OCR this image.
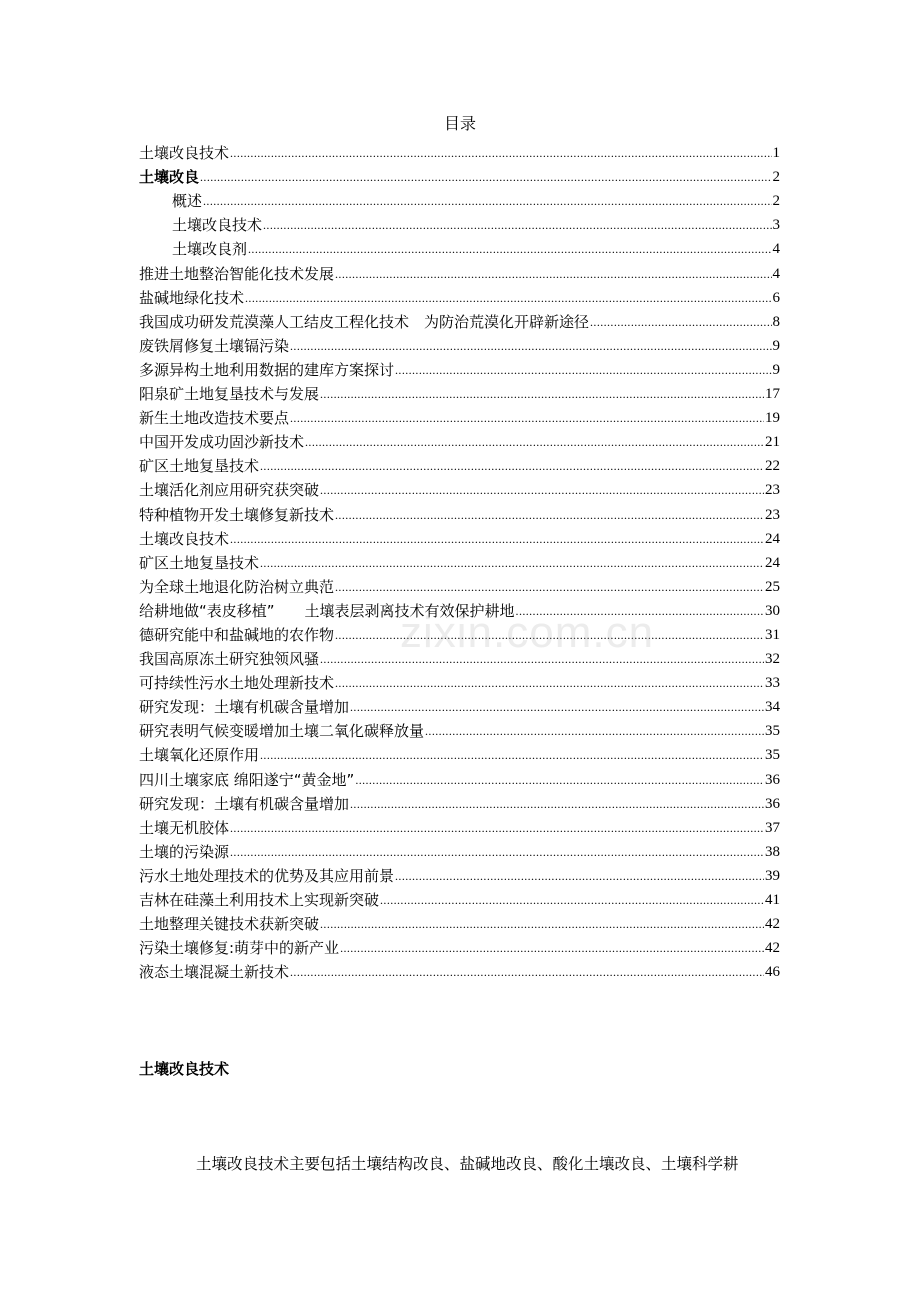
目录
土壤改良技术 .....	1
土壤改良 .....	2
概述 .....	2
土壤改良技术 .....	3
土壤改良剂 .....	4
推进土地整治智能化技术发展 .....	4
盐碱地绿化技术 .....	6
我国成功研发荒漠藻人工结皮工程化技术　为防治荒漠化开辟新途径 .....	8
废铁屑修复土壤镉污染 .....	9
多源异构土地利用数据的建库方案探讨 .....	9
阳泉矿土地复垦技术与发展 .....	17
新生土地改造技术要点 .....	19
中国开发成功固沙新技术 .....	21
矿区土地复垦技术 .....	22
土壤活化剂应用研究获突破 .....	23
特种植物开发土壤修复新技术 .....	23
土壤改良技术 .....	24
矿区土地复垦技术 .....	24
为全球土地退化防治树立典范 .....	25
给耕地做“表皮移植”　　土壤表层剥离技术有效保护耕地 .....	30
德研究能中和盐碱地的农作物 .....	31
我国高原冻土研究独领风骚 .....	32
可持续性污水土地处理新技术 .....	33
研究发现：土壤有机碳含量增加 .....	34
研究表明气候变暖增加土壤二氧化碳释放量 .....	35
土壤氧化还原作用 .....	35
四川土壤家底 绵阳遂宁“黄金地” .....	36
研究发现：土壤有机碳含量增加 .....	36
土壤无机胶体 .....	37
土壤的污染源 .....	38
污水土地处理技术的优势及其应用前景 .....	39
吉林在硅藻土利用技术上实现新突破 .....	41
土地整理关键技术获新突破 .....	42
污染土壤修复:萌芽中的新产业 .....	42
液态土壤混凝土新技术 .....	46
zixin.com.cn
土壤改良技术
土壤改良技术主要包括土壤结构改良、盐碱地改良、酸化土壤改良、土壤科学耕
